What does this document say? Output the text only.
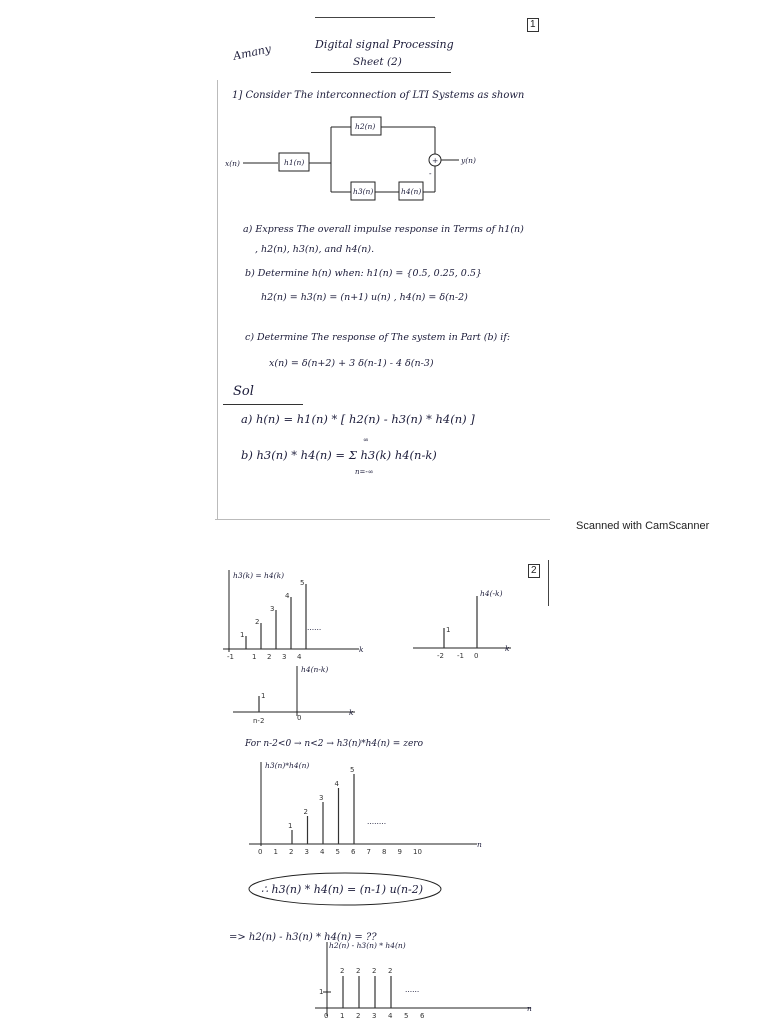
1
Amany	Digital signal Processing
Sheet (2)
1] Consider The interconnection of LTI Systems as shown
x(n)	h1(n)
h2(n)
h3(n)	h4(n)
+
-
y(n)
a) Express The overall impulse response in Terms of h1(n)
, h2(n), h3(n), and h4(n).
b) Determine h(n) when: h1(n) = {0.5, 0.25, 0.5}
h2(n) = h3(n) = (n+1) u(n) , h4(n) = δ(n-2)
c) Determine The response of The system in Part (b) if:
x(n) = δ(n+2) + 3 δ(n-1) - 4 δ(n-3)
Sol
a) h(n) = h1(n) * [ h2(n) - h3(n) * h4(n) ]
b) h3(n) * h4(n) = Σ h3(k) h4(n-k)
∞
n=-∞
Scanned with CamScanner
2
h3(k) = h4(k)
k
......
h4(-k)
k
1
-2 -1 0
h4(n-k)
k
1
n-2	0
For n-2<0 → n<2 → h3(n)*h4(n) = zero
h3(n)*h4(n)
n
........
∴ h3(n) * h4(n) = (n-1) u(n-2)
=> h2(n) - h3(n) * h4(n) = ??
h2(n) - h3(n) * h4(n)
n
1	......
1
2
3
4
5
-1	1 2 3 4
1
2
3
4
5
0 1 2 3 4 5 6 7 8 9 10
2 2 2 2
0 1 2 3 4 5 6
